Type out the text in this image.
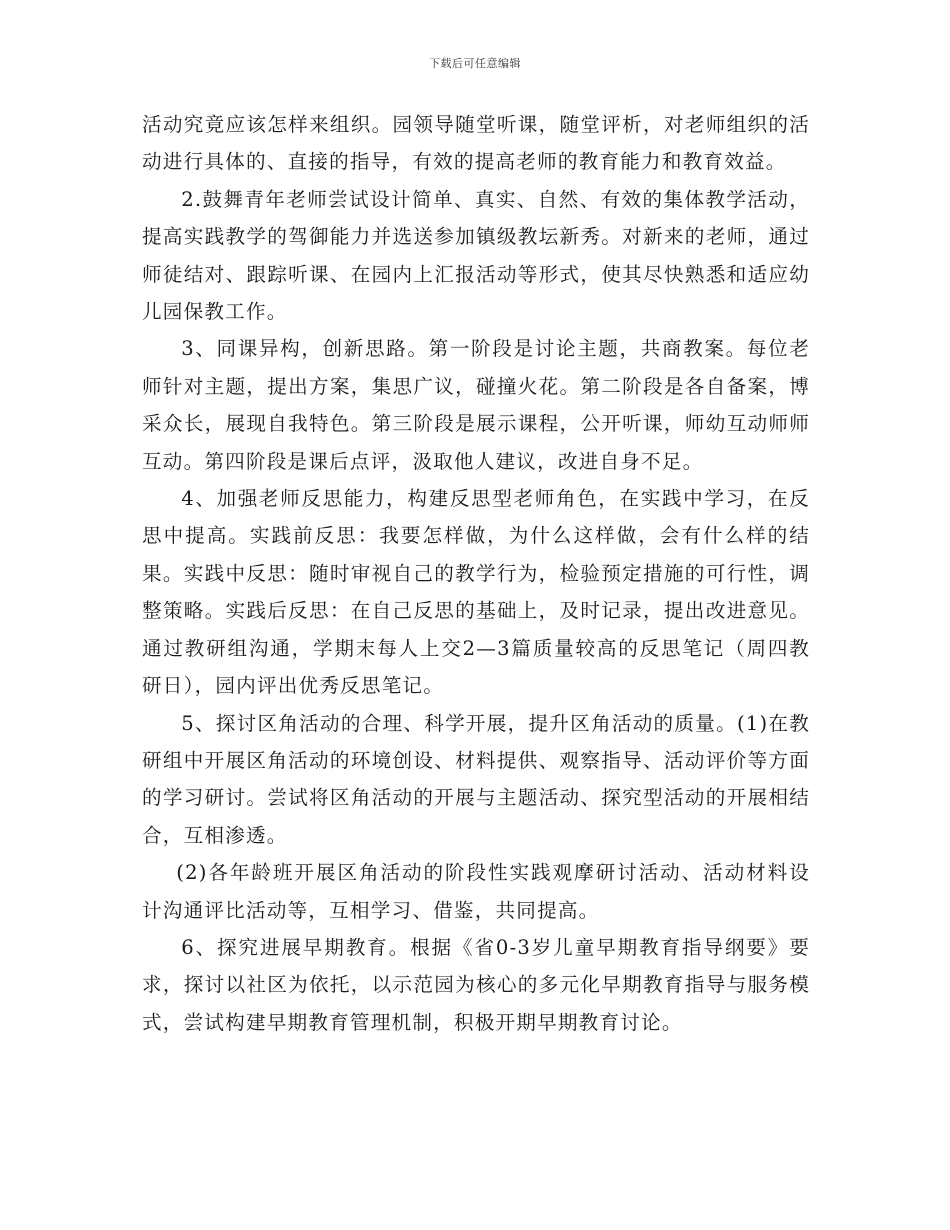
下载后可任意编辑

活动究竟应该怎样来组织。园领导随堂听课，随堂评析，对老师组织的活动进行具体的、直接的指导，有效的提高老师的教育能力和教育效益。

2.鼓舞青年老师尝试设计简单、真实、自然、有效的集体教学活动，提高实践教学的驾御能力并选送参加镇级教坛新秀。对新来的老师，通过师徒结对、跟踪听课、在园内上汇报活动等形式，使其尽快熟悉和适应幼儿园保教工作。

3、同课异构，创新思路。第一阶段是讨论主题，共商教案。每位老师针对主题，提出方案，集思广议，碰撞火花。第二阶段是各自备案，博采众长，展现自我特色。第三阶段是展示课程，公开听课，师幼互动师师互动。第四阶段是课后点评，汲取他人建议，改进自身不足。

4、加强老师反思能力，构建反思型老师角色，在实践中学习，在反思中提高。实践前反思：我要怎样做，为什么这样做，会有什么样的结果。实践中反思：随时审视自己的教学行为，检验预定措施的可行性，调整策略。实践后反思：在自己反思的基础上，及时记录，提出改进意见。通过教研组沟通，学期末每人上交2—3篇质量较高的反思笔记（周四教研日），园内评出优秀反思笔记。

5、探讨区角活动的合理、科学开展，提升区角活动的质量。(1)在教研组中开展区角活动的环境创设、材料提供、观察指导、活动评价等方面的学习研讨。尝试将区角活动的开展与主题活动、探究型活动的开展相结合，互相渗透。

(2)各年龄班开展区角活动的阶段性实践观摩研讨活动、活动材料设计沟通评比活动等，互相学习、借鉴，共同提高。

6、探究进展早期教育。根据《省0-3岁儿童早期教育指导纲要》要求，探讨以社区为依托，以示范园为核心的多元化早期教育指导与服务模式，尝试构建早期教育管理机制，积极开期早期教育讨论。
